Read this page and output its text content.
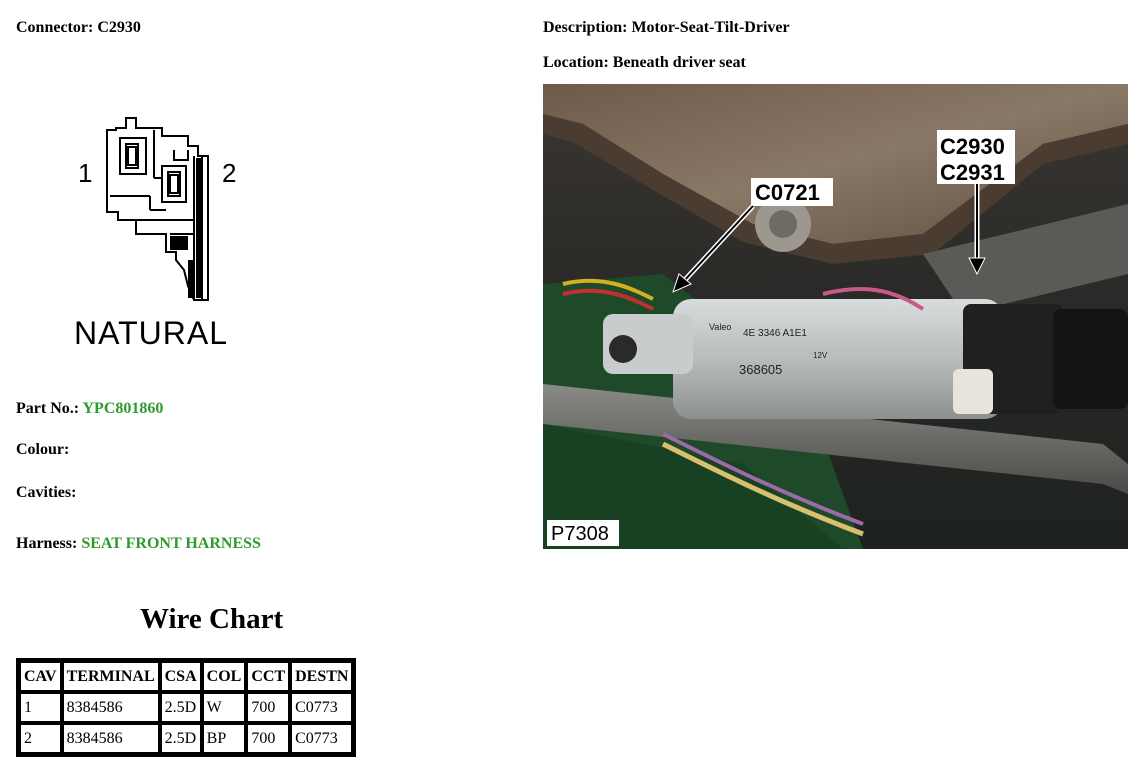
Connector: C2930	Description: Motor-Seat-Tilt-Driver
Location: Beneath driver seat
1	2
NATURAL
Part No.: YPC801860
Colour:
Cavities:
Harness: SEAT FRONT HARNESS
Valeo
4E 3346 A1E1
12V
368605
C0721
C2930
C2931
P7308
Wire Chart
CAV	TERMINAL	CSA	COL	CCT	DESTN
1	8384586	2.5D	W	700	C0773
2	8384586	2.5D	BP	700	C0773
